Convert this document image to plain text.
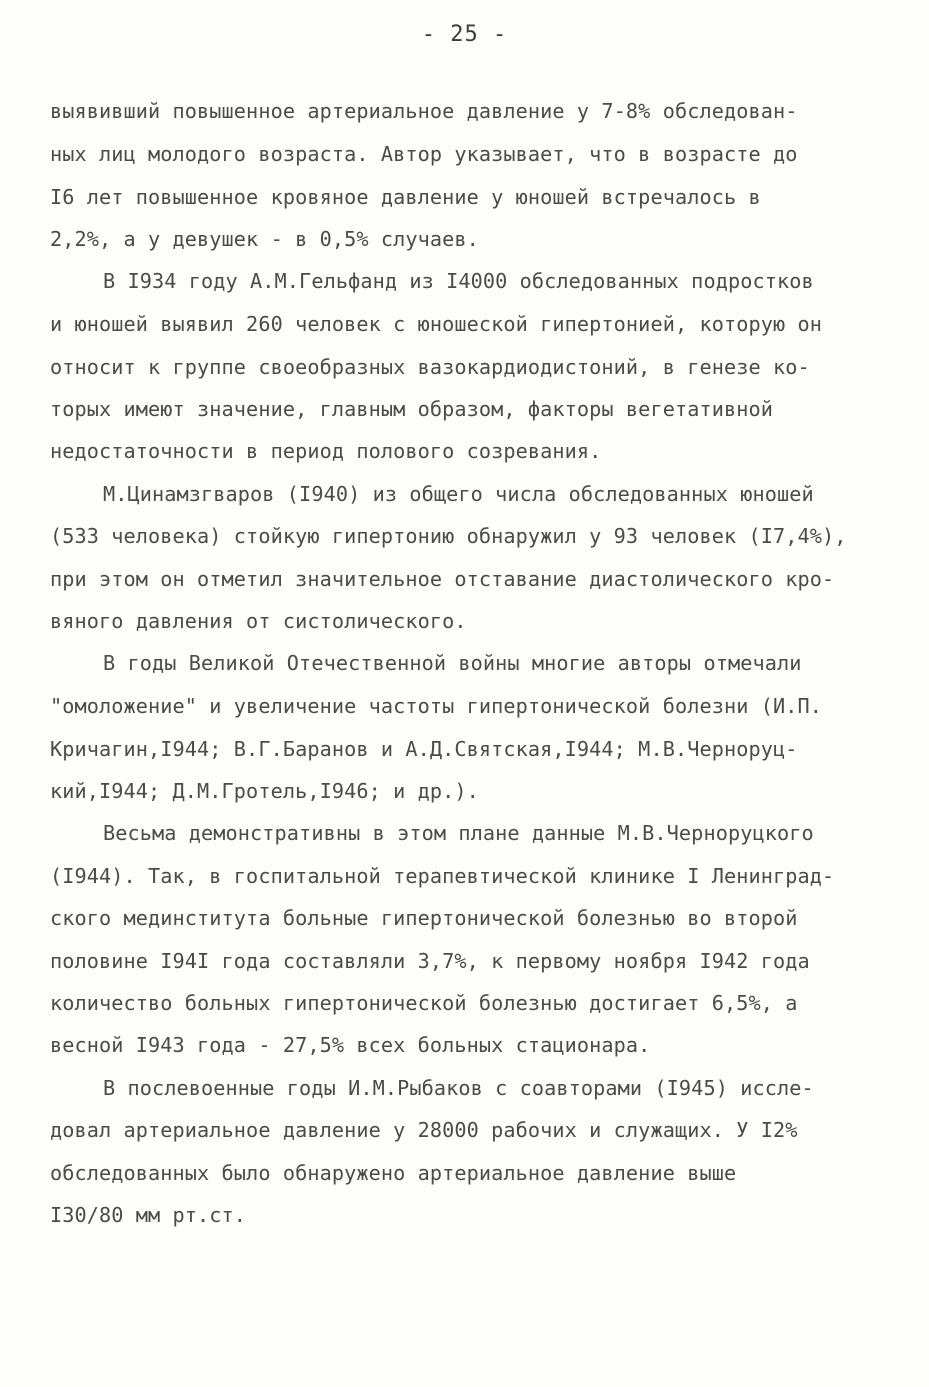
- 25 -
выявивший повышенное артериальное давление у 7-8% обследован-
ных лиц молодого возраста. Автор указывает, что в возрасте до
I6 лет повышенное кровяное давление у юношей встречалось в
2,2%, а у девушек - в 0,5% случаев.
В I934 году А.М.Гельфанд из I4000 обследованных подростков
и юношей выявил 260 человек с юношеской гипертонией, которую он
относит к группе своеобразных вазокардиодистоний, в генезе ко-
торых имеют значение, главным образом, факторы вегетативной
недостаточности в период полового созревания.
М.Цинамзгваров (I940) из общего числа обследованных юношей
(533 человека) стойкую гипертонию обнаружил у 93 человек (I7,4%),
при этом он отметил значительное отставание диастолического кро-
вяного давления от систолического.
В годы Великой Отечественной войны многие авторы отмечали
"омоложение" и увеличение частоты гипертонической болезни (И.П.
Кричагин,I944; В.Г.Баранов и А.Д.Святская,I944; М.В.Черноруц-
кий,I944; Д.М.Гротель,I946; и др.).
Весьма демонстративны в этом плане данные М.В.Черноруцкого
(I944). Так, в госпитальной терапевтической клинике I Ленинград-
ского мединститута больные гипертонической болезнью во второй
половине I94I года составляли 3,7%, к первому ноября I942 года
количество больных гипертонической болезнью достигает 6,5%, а
весной I943 года - 27,5% всех больных стационара.
В послевоенные годы И.М.Рыбаков с соавторами (I945) иссле-
довал артериальное давление у 28000 рабочих и служащих. У I2%
обследованных было обнаружено артериальное давление выше
I30/80 мм рт.ст.
